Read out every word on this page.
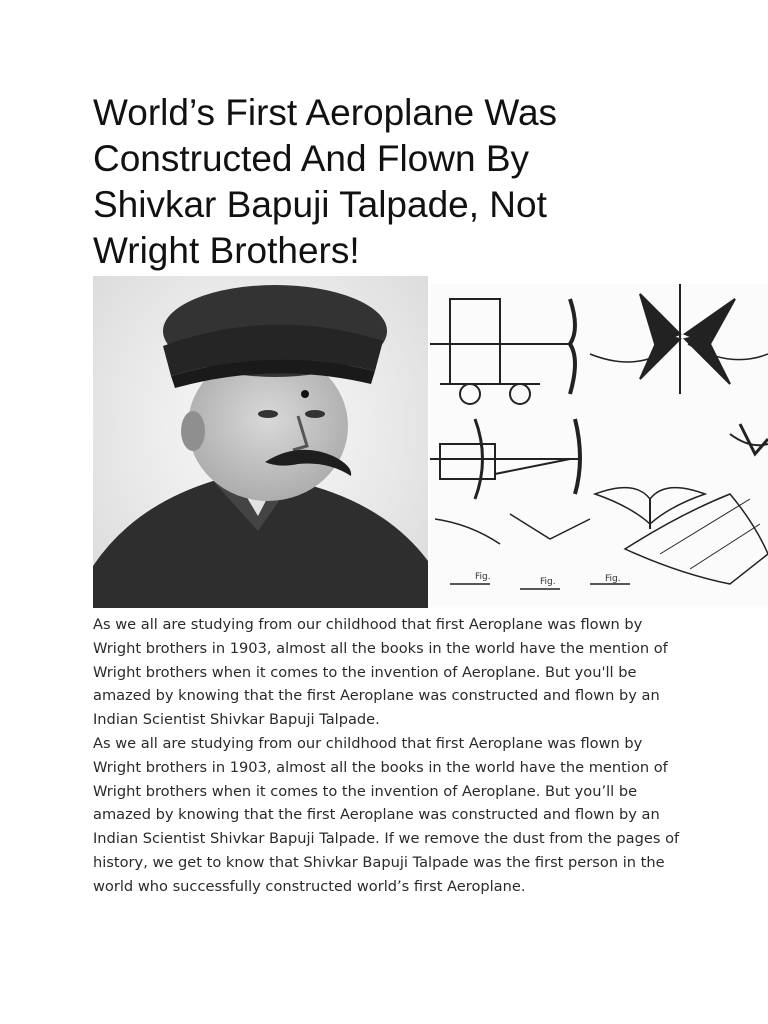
World’s First Aeroplane Was Constructed And Flown By Shivkar Bapuji Talpade, Not Wright Brothers!
Fig.	Fig.	Fig.

As we all are studying from our childhood that first Aeroplane was flown by Wright brothers in 1903, almost all the books in the world have the mention of Wright brothers when it comes to the invention of Aeroplane. But you'll be amazed by knowing that the first Aeroplane was constructed and flown by an Indian Scientist Shivkar Bapuji Talpade.

As we all are studying from our childhood that first Aeroplane was flown by Wright brothers in 1903, almost all the books in the world have the mention of Wright brothers when it comes to the invention of Aeroplane. But you’ll be amazed by knowing that the first Aeroplane was constructed and flown by an Indian Scientist Shivkar Bapuji Talpade. If we remove the dust from the pages of history, we get to know that Shivkar Bapuji Talpade was the first person in the world who successfully constructed world’s first Aeroplane.
